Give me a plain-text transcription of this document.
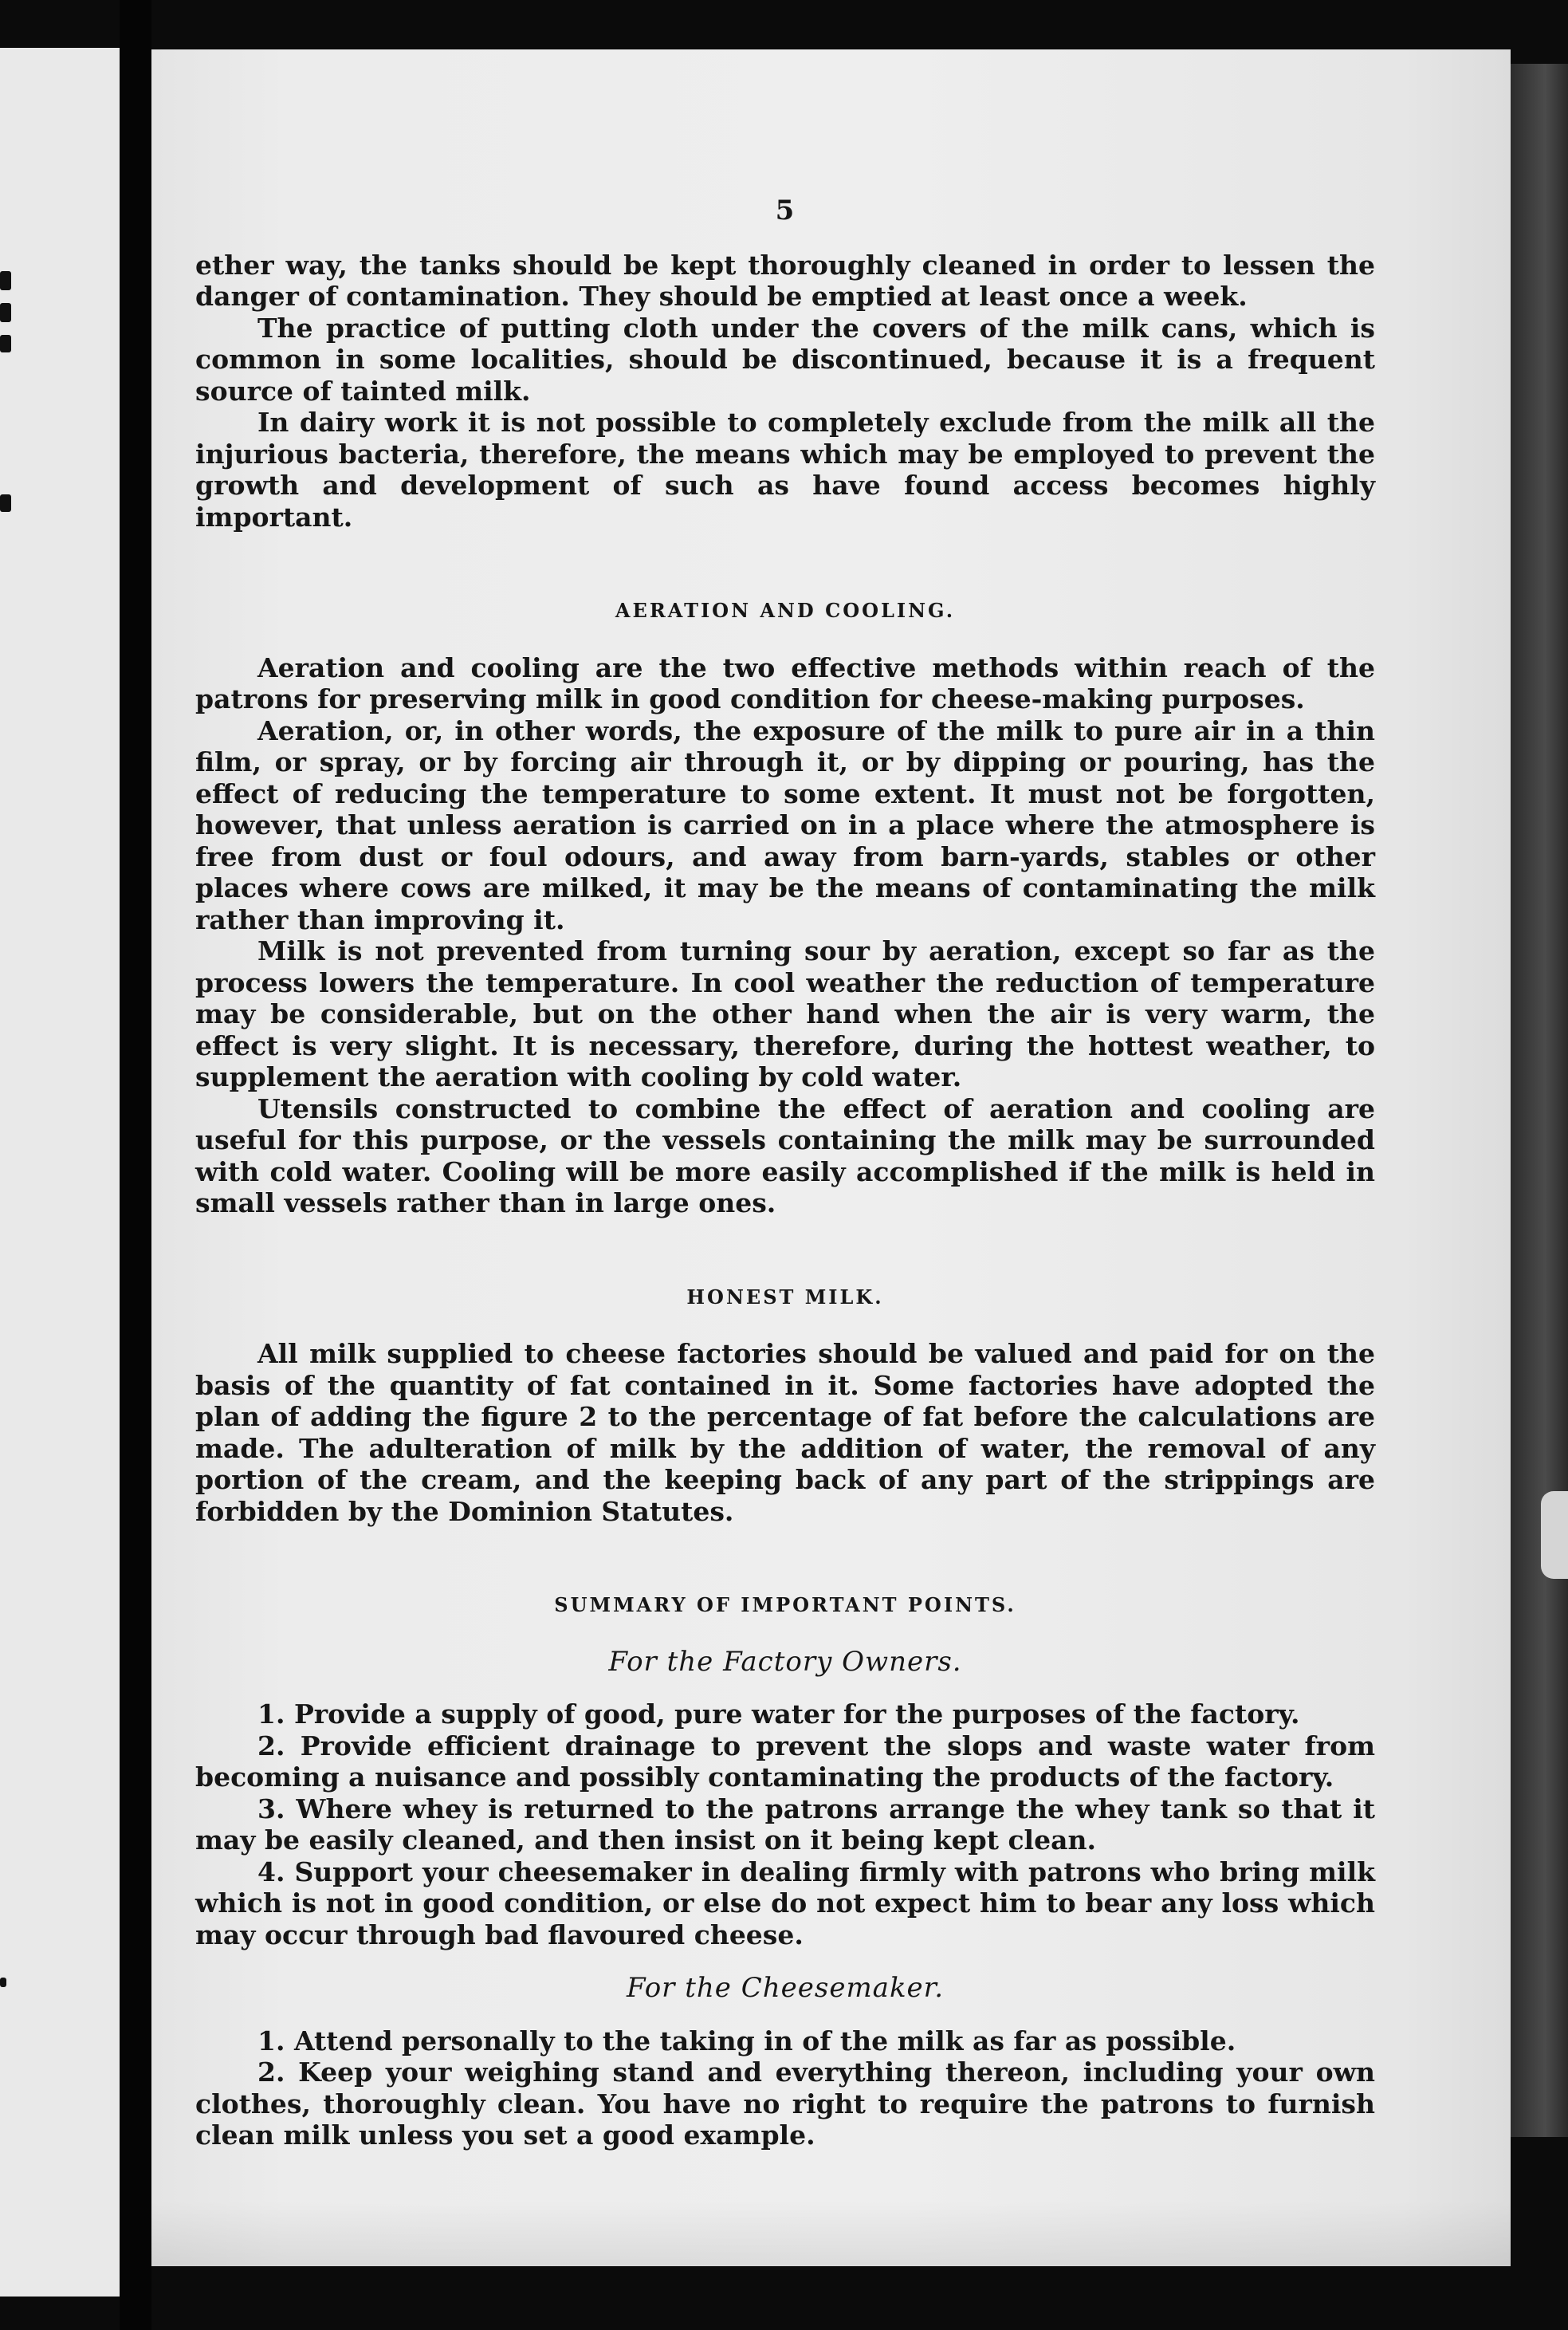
5

ether way, the tanks should be kept thoroughly cleaned in order to lessen the danger of contamination. They should be emptied at least once a week.

The practice of putting cloth under the covers of the milk cans, which is common in some localities, should be discontinued, because it is a frequent source of tainted milk.

In dairy work it is not possible to completely exclude from the milk all the injurious bacteria, therefore, the means which may be employed to prevent the growth and development of such as have found access becomes highly important.

AERATION AND COOLING.

Aeration and cooling are the two effective methods within reach of the patrons for preserving milk in good condition for cheese-making purposes.

Aeration, or, in other words, the exposure of the milk to pure air in a thin film, or spray, or by forcing air through it, or by dipping or pouring, has the effect of reducing the temperature to some extent. It must not be forgotten, however, that unless aeration is carried on in a place where the atmosphere is free from dust or foul odours, and away from barn-yards, stables or other places where cows are milked, it may be the means of contaminating the milk rather than improving it.

Milk is not prevented from turning sour by aeration, except so far as the process lowers the temperature. In cool weather the reduction of temperature may be considerable, but on the other hand when the air is very warm, the effect is very slight. It is necessary, therefore, during the hottest weather, to supplement the aeration with cooling by cold water.

Utensils constructed to combine the effect of aeration and cooling are useful for this purpose, or the vessels containing the milk may be surrounded with cold water. Cooling will be more easily accomplished if the milk is held in small vessels rather than in large ones.

HONEST MILK.

All milk supplied to cheese factories should be valued and paid for on the basis of the quantity of fat contained in it. Some factories have adopted the plan of adding the figure 2 to the percentage of fat before the calculations are made. The adulteration of milk by the addition of water, the removal of any portion of the cream, and the keeping back of any part of the strippings are forbidden by the Dominion Statutes.

SUMMARY OF IMPORTANT POINTS.
For the Factory Owners.

1. Provide a supply of good, pure water for the purposes of the factory.

2. Provide efficient drainage to prevent the slops and waste water from becoming a nuisance and possibly contaminating the products of the factory.

3. Where whey is returned to the patrons arrange the whey tank so that it may be easily cleaned, and then insist on it being kept clean.

4. Support your cheesemaker in dealing firmly with patrons who bring milk which is not in good condition, or else do not expect him to bear any loss which may occur through bad flavoured cheese.

For the Cheesemaker.

1. Attend personally to the taking in of the milk as far as possible.

2. Keep your weighing stand and everything thereon, including your own clothes, thoroughly clean. You have no right to require the patrons to furnish clean milk unless you set a good example.
